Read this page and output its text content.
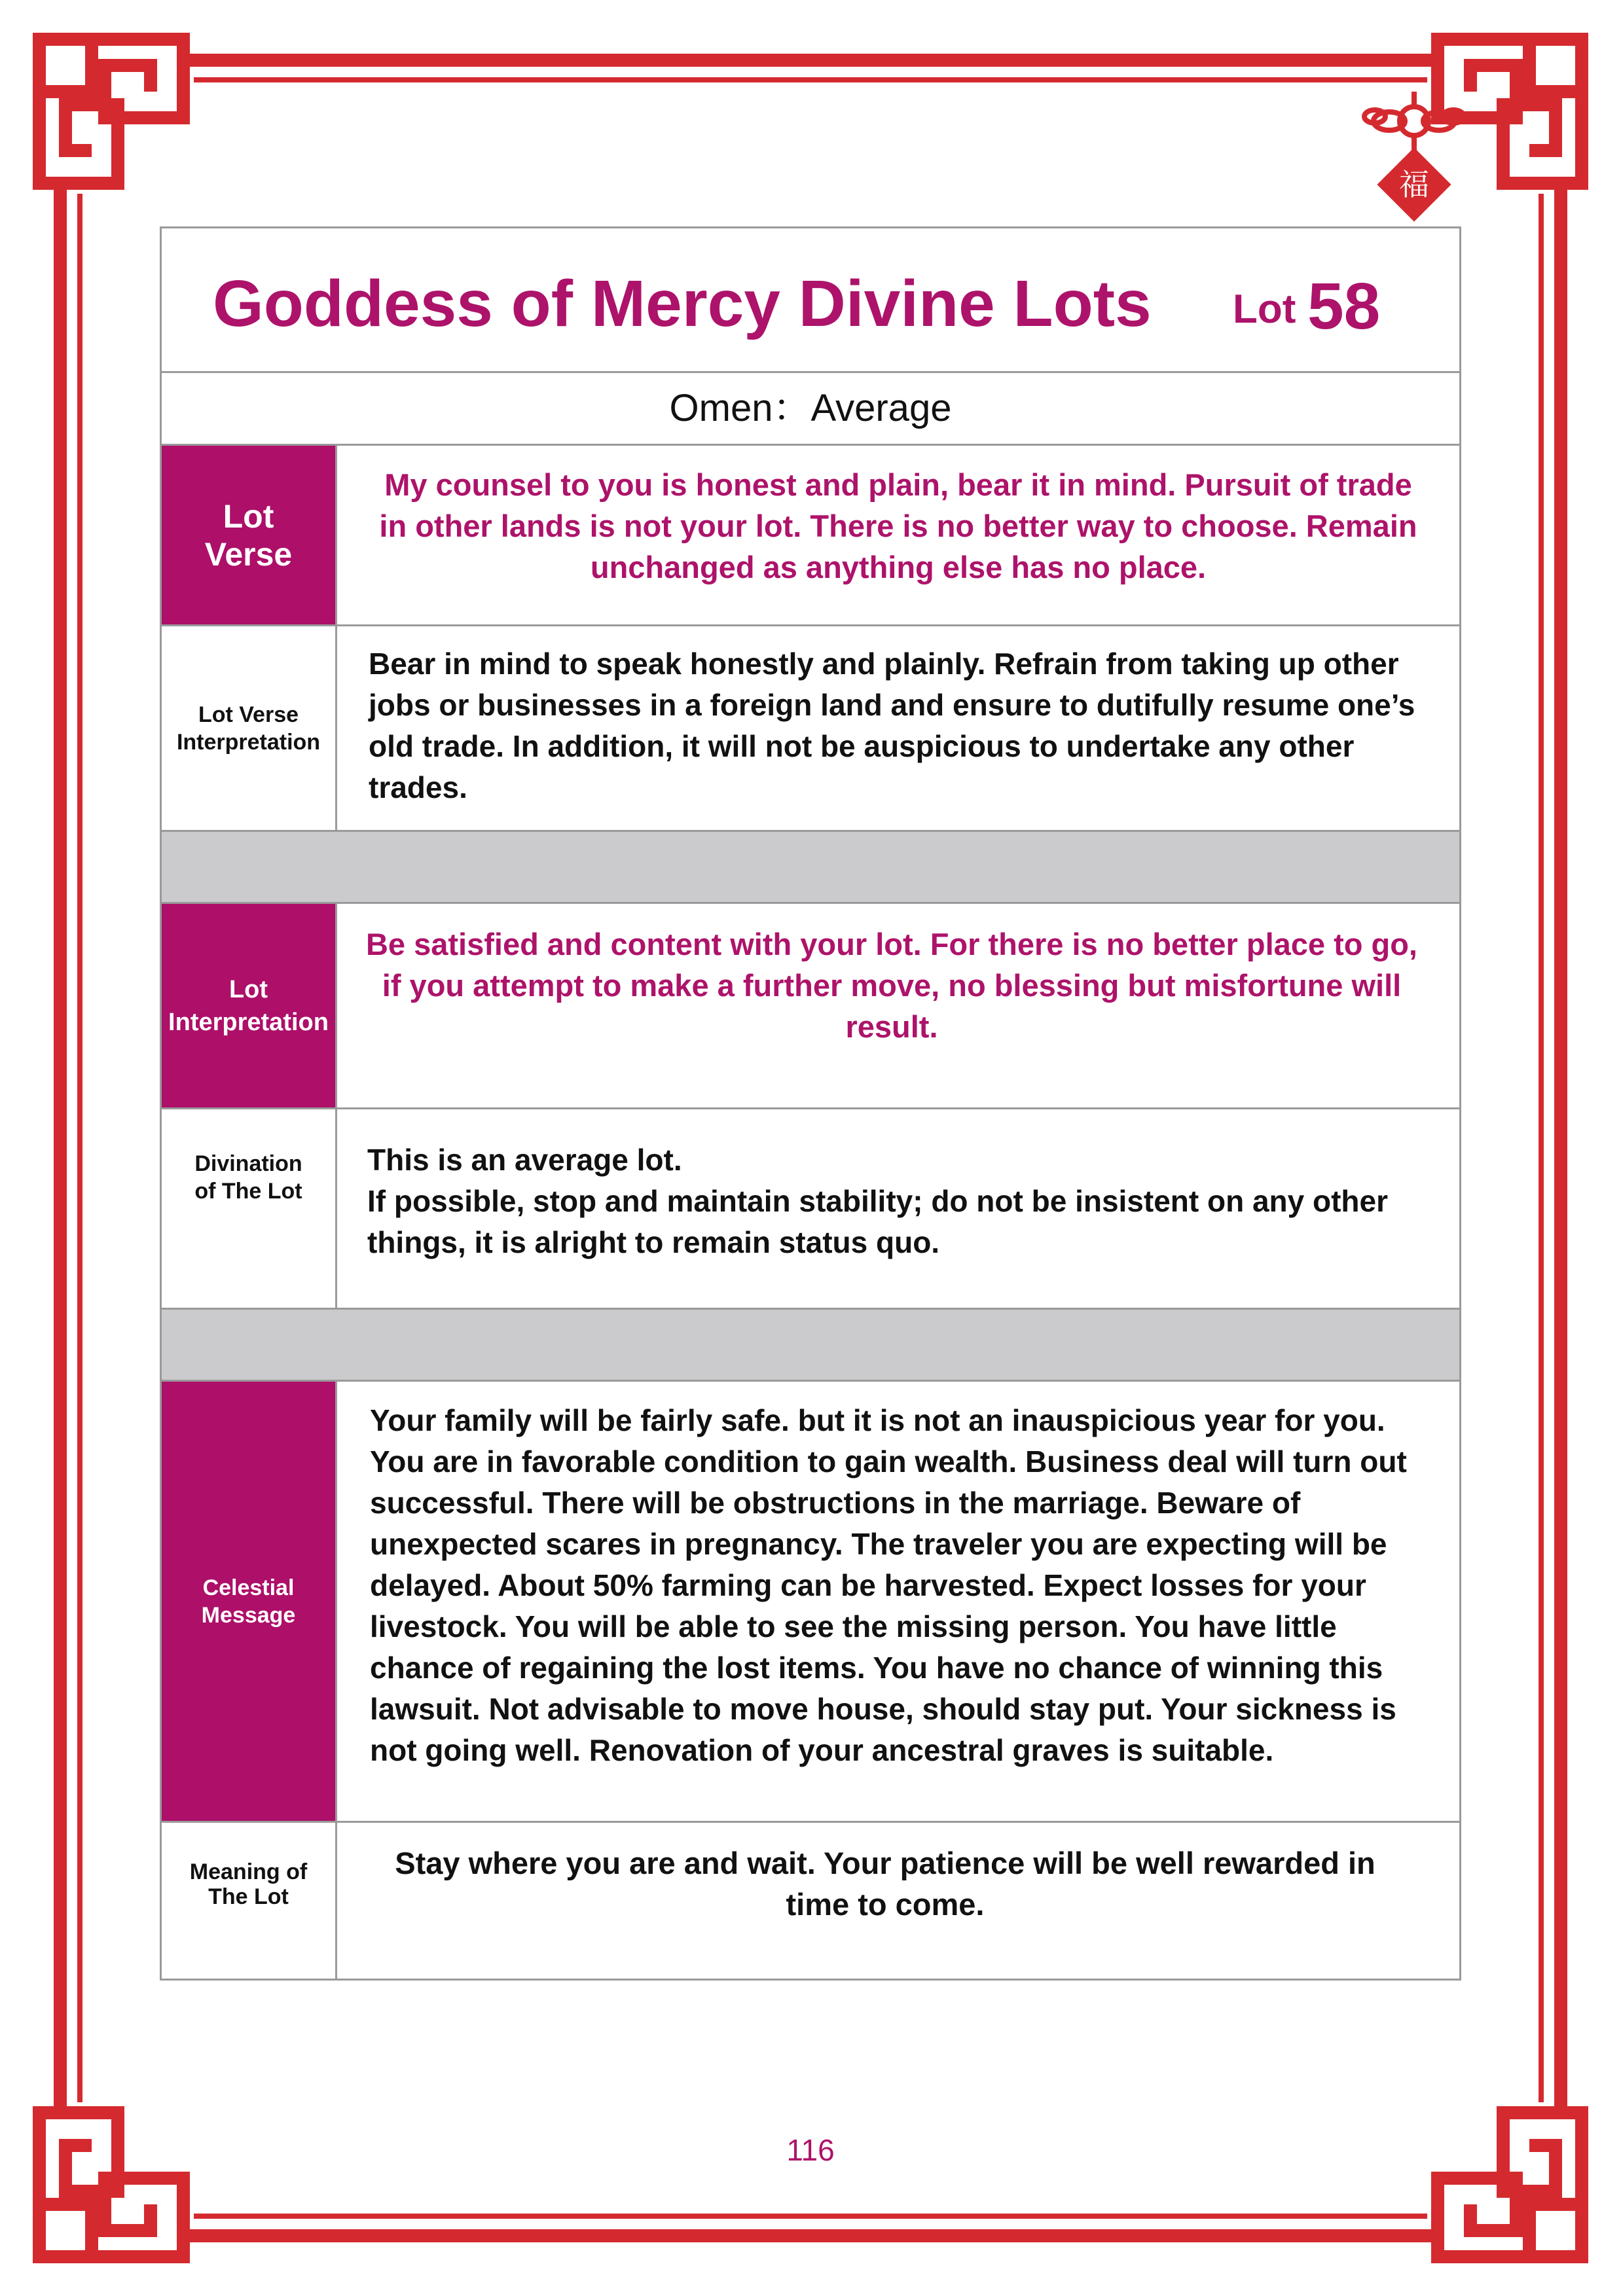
福
Goddess of Mercy Divine Lots Lot 58
Omen：Average
Lot Verse
My counsel to you is honest and plain, bear it in mind. Pursuit of trade in other lands is not your lot. There is no better way to choose. Remain unchanged as anything else has no place.
Lot Verse Interpretation
Bear in mind to speak honestly and plainly. Refrain from taking up other jobs or businesses in a foreign land and ensure to dutifully resume one’s old trade. In addition, it will not be auspicious to undertake any other trades.
Lot Interpretation
Be satisfied and content with your lot. For there is no better place to go, if you attempt to make a further move, no blessing but misfortune will result.
Divination of The Lot
This is an average lot.
If possible, stop and maintain stability; do not be insistent on any other things, it is alright to remain status quo.
Celestial Message
Your family will be fairly safe. but it is not an inauspicious year for you. You are in favorable condition to gain wealth. Business deal will turn out successful. There will be obstructions in the marriage. Beware of unexpected scares in pregnancy. The traveler you are expecting will be delayed. About 50% farming can be harvested. Expect losses for your livestock. You will be able to see the missing person. You have little chance of regaining the lost items. You have no chance of winning this lawsuit. Not advisable to move house, should stay put. Your sickness is not going well. Renovation of your ancestral graves is suitable.
Meaning of The Lot
Stay where you are and wait. Your patience will be well rewarded in time to come.
116
